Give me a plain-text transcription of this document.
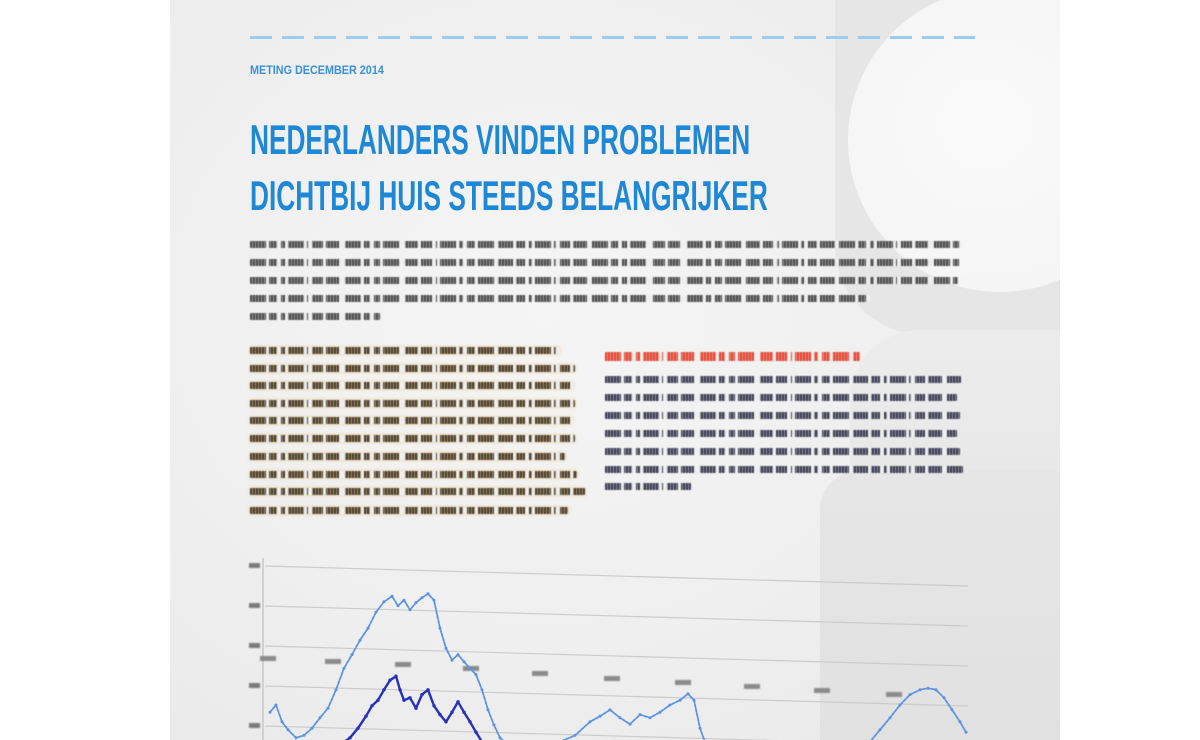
METING DECEMBER 2014
NEDERLANDERS VINDEN PROBLEMEN
DICHTBIJ HUIS STEEDS BELANGRIJKER
